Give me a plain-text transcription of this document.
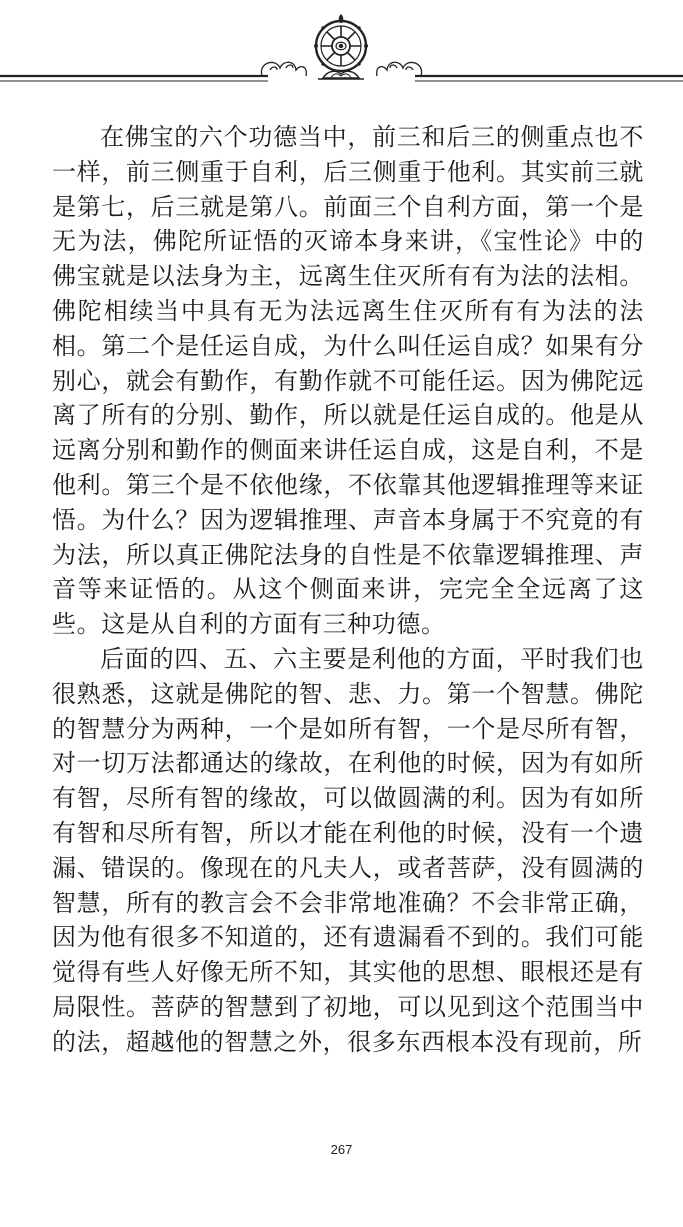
在佛宝的六个功德当中，前三和后三的侧重点也不一样，前三侧重于自利，后三侧重于他利。其实前三就是第七，后三就是第八。前面三个自利方面，第一个是无为法，佛陀所证悟的灭谛本身来讲，《宝性论》中的佛宝就是以法身为主，远离生住灭所有有为法的法相。佛陀相续当中具有无为法远离生住灭所有有为法的法相。第二个是任运自成，为什么叫任运自成？如果有分别心，就会有勤作，有勤作就不可能任运。因为佛陀远离了所有的分别、勤作，所以就是任运自成的。他是从远离分别和勤作的侧面来讲任运自成，这是自利，不是他利。第三个是不依他缘，不依靠其他逻辑推理等来证悟。为什么？因为逻辑推理、声音本身属于不究竟的有为法，所以真正佛陀法身的自性是不依靠逻辑推理、声音等来证悟的。从这个侧面来讲，完完全全远离了这些。这是从自利的方面有三种功德。

后面的四、五、六主要是利他的方面，平时我们也很熟悉，这就是佛陀的智、悲、力。第一个智慧。佛陀的智慧分为两种，一个是如所有智，一个是尽所有智，对一切万法都通达的缘故，在利他的时候，因为有如所有智，尽所有智的缘故，可以做圆满的利。因为有如所有智和尽所有智，所以才能在利他的时候，没有一个遗漏、错误的。像现在的凡夫人，或者菩萨，没有圆满的智慧，所有的教言会不会非常地准确？不会非常正确，因为他有很多不知道的，还有遗漏看不到的。我们可能觉得有些人好像无所不知，其实他的思想、眼根还是有局限性。菩萨的智慧到了初地，可以见到这个范围当中的法，超越他的智慧之外，很多东西根本没有现前，所

267
